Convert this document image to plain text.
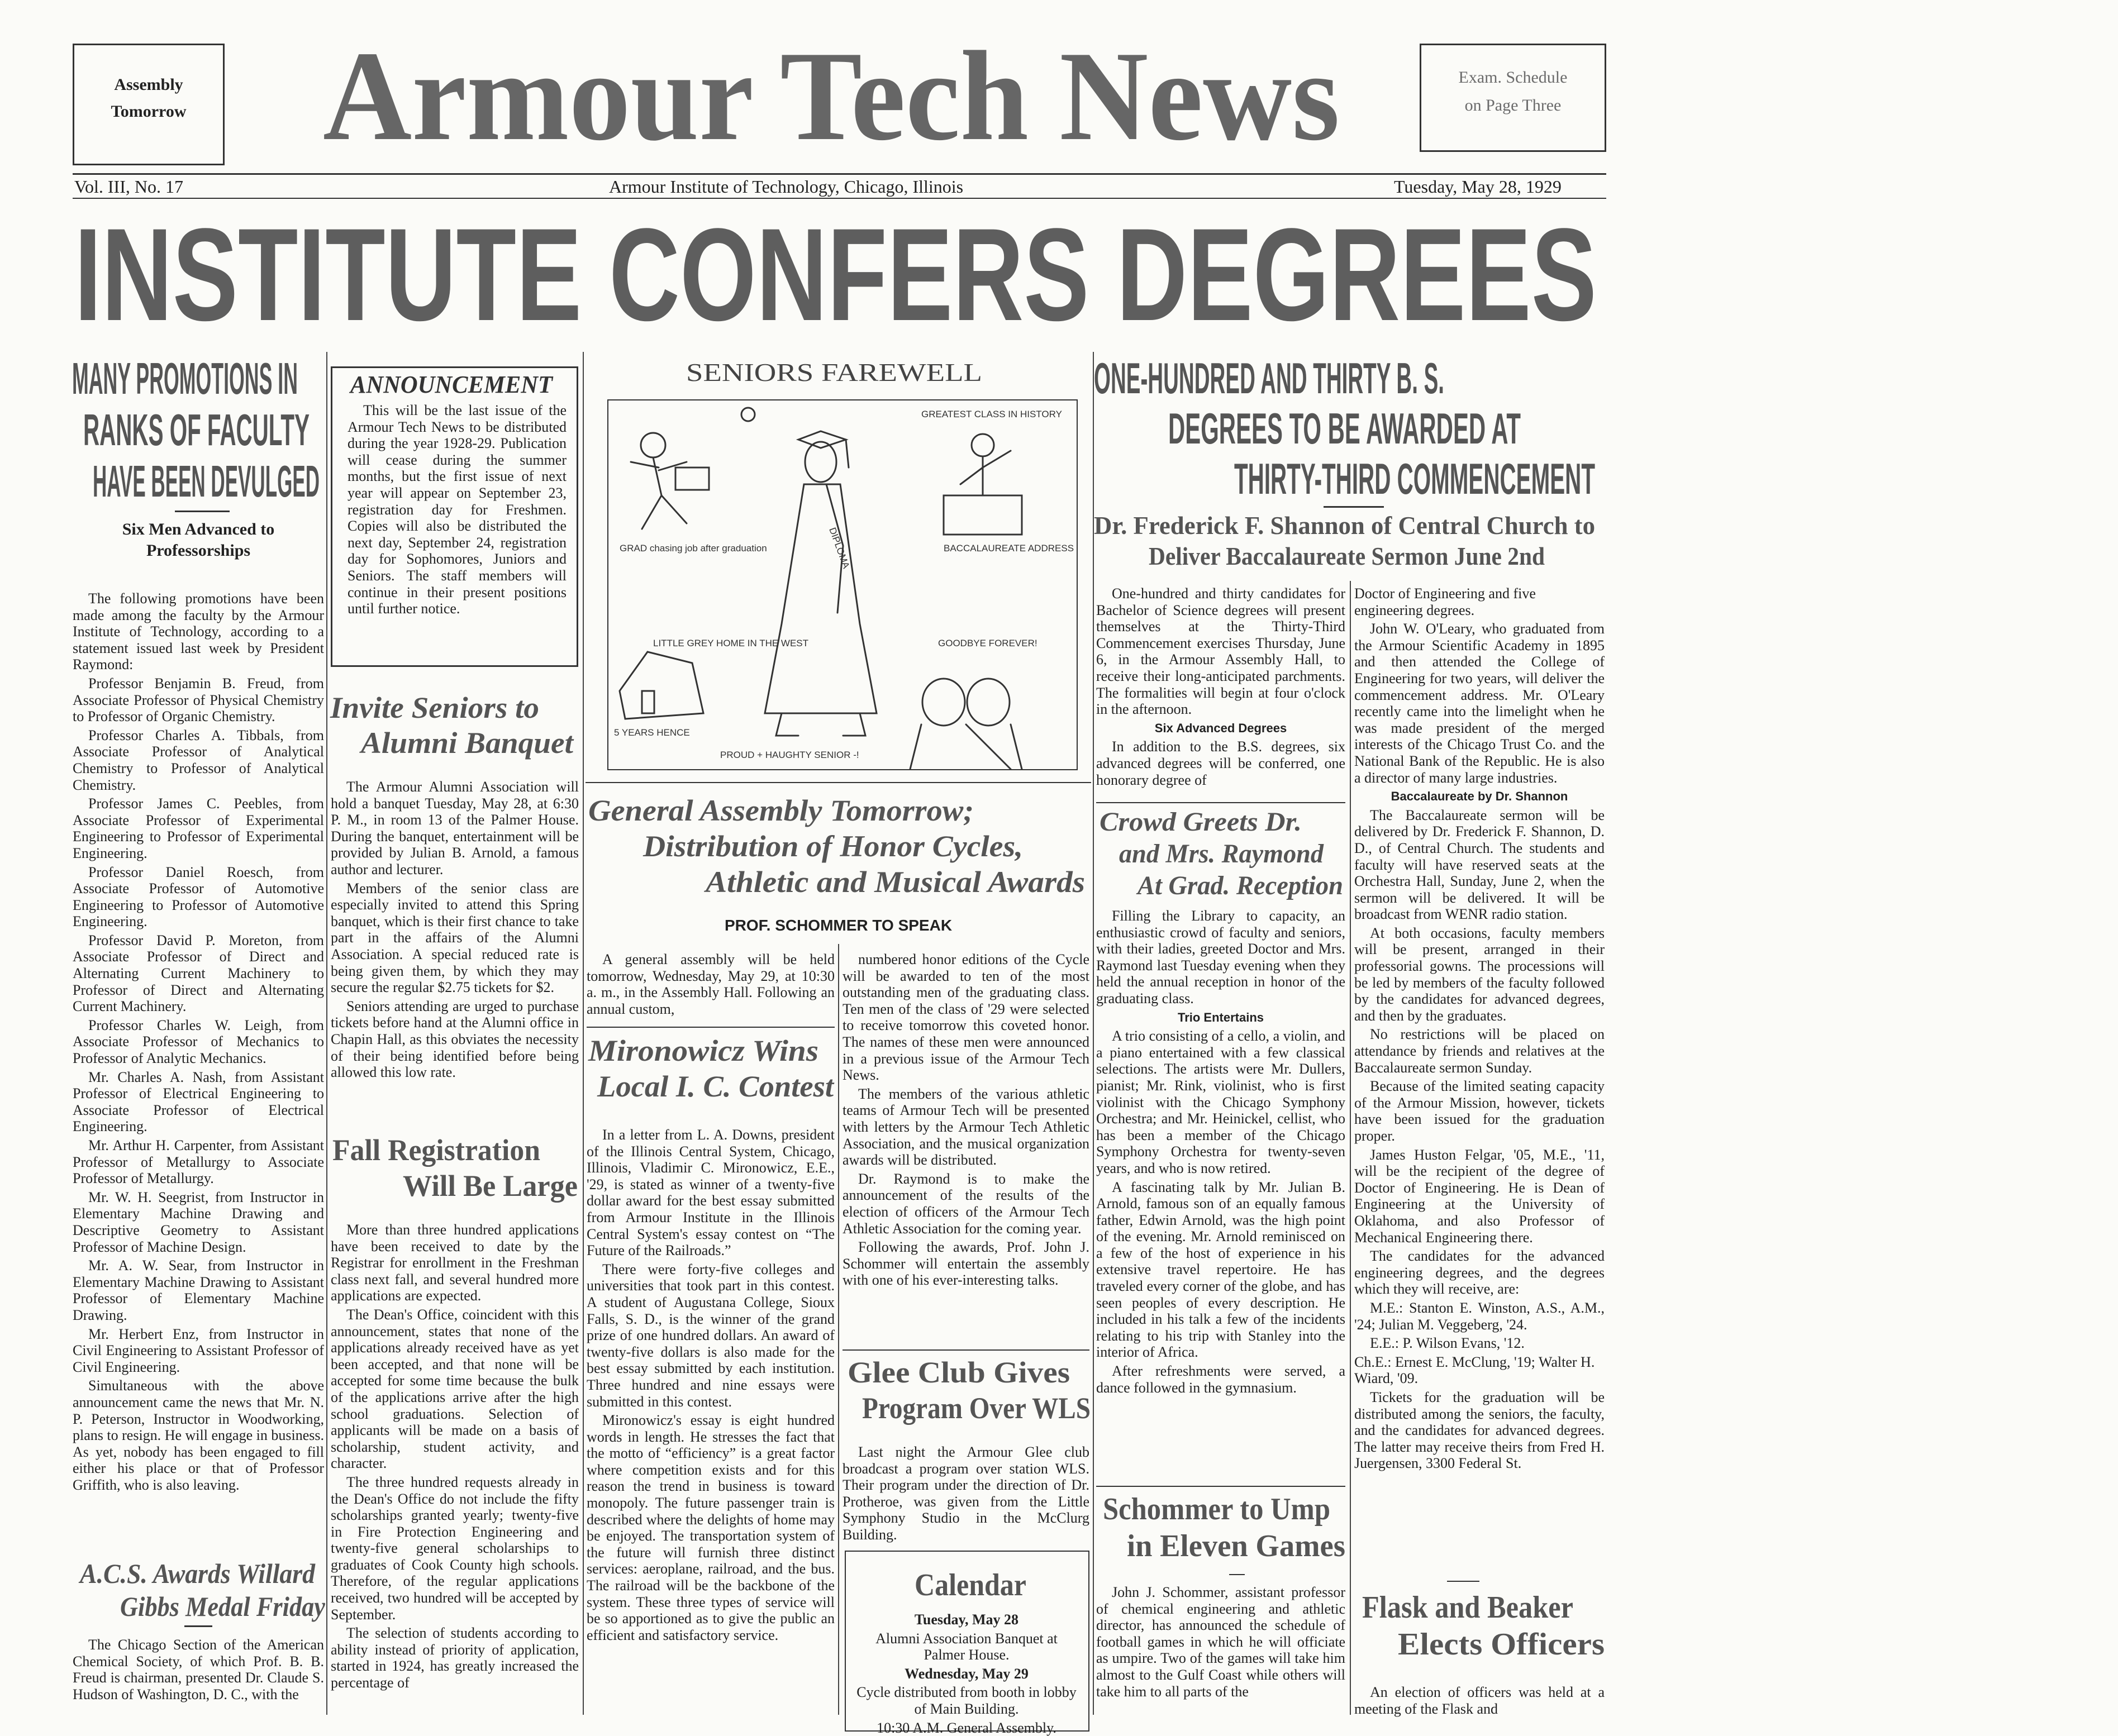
Assembly
Tomorrow Armour Tech News	Exam. Schedule
on Page Three
Vol. III, No. 17	Armour Institute of Technology, Chicago, Illinois	Tuesday, May 28, 1929
INSTITUTE CONFERS DEGREES
MANY PROMOTIONS IN
RANKS OF FACULTY
HAVE BEEN DEVULGED
Six Men Advanced to
Professorships

The following promotions have been made among the faculty by the Armour Institute of Technology, according to a statement issued last week by President Raymond:

Professor Benjamin B. Freud, from Associate Professor of Physical Chemistry to Professor of Organic Chemistry.

Professor Charles A. Tibbals, from Associate Professor of Analytical Chemistry to Professor of Analytical Chemistry.

Professor James C. Peebles, from Associate Professor of Experimental Engineering to Professor of Experimental Engineering.

Professor Daniel Roesch, from Associate Professor of Automotive Engineering to Professor of Automotive Engineering.

Professor David P. Moreton, from Associate Professor of Direct and Alternating Current Machinery to Professor of Direct and Alternating Current Machinery.

Professor Charles W. Leigh, from Associate Professor of Mechanics to Professor of Analytic Mechanics.

Mr. Charles A. Nash, from Assistant Professor of Electrical Engineering to Associate Professor of Electrical Engineering.

Mr. Arthur H. Carpenter, from Assistant Professor of Metallurgy to Associate Professor of Metallurgy.

Mr. W. H. Seegrist, from Instructor in Elementary Machine Drawing and Descriptive Geometry to Assistant Professor of Machine Design.

Mr. A. W. Sear, from Instructor in Elementary Machine Drawing to Assistant Professor of Elementary Machine Drawing.

Mr. Herbert Enz, from Instructor in Civil Engineering to Assistant Professor of Civil Engineering.

Simultaneous with the above announcement came the news that Mr. N. P. Peterson, Instructor in Woodworking, plans to resign. He will engage in business. As yet, nobody has been engaged to fill either his place or that of Professor Griffith, who is also leaving.

A.C.S. Awards Willard
Gibbs Medal Friday

The Chicago Section of the American Chemical Society, of which Prof. B. B. Freud is chairman, presented Dr. Claude S. Hudson of Washington, D. C., with the

ANNOUNCEMENT

This will be the last issue of the Armour Tech News to be distributed during the year 1928-29. Publication will cease during the summer months, but the first issue of next year will appear on September 23, registration day for Freshmen. Copies will also be distributed the next day, September 24, registration day for Sophomores, Juniors and Seniors. The staff members will continue in their present positions until further notice.

Invite Seniors to
Alumni Banquet

The Armour Alumni Association will hold a banquet Tuesday, May 28, at 6:30 P. M., in room 13 of the Palmer House. During the banquet, entertainment will be provided by Julian B. Arnold, a famous author and lecturer.

Members of the senior class are especially invited to attend this Spring banquet, which is their first chance to take part in the affairs of the Alumni Association. A special reduced rate is being given them, by which they may secure the regular $2.75 tickets for $2.

Seniors attending are urged to purchase tickets before hand at the Alumni office in Chapin Hall, as this obviates the necessity of their being identified before being allowed this low rate.

Fall Registration
Will Be Large

More than three hundred applications have been received to date by the Registrar for enrollment in the Freshman class next fall, and several hundred more applications are expected.

The Dean's Office, coincident with this announcement, states that none of the applications already received have as yet been accepted, and that none will be accepted for some time because the bulk of the applications arrive after the high school graduations. Selection of applicants will be made on a basis of scholarship, student activity, and character.

The three hundred requests already in the Dean's Office do not include the fifty scholarships granted yearly; twenty-five in Fire Protection Engineering and twenty-five general scholarships to graduates of Cook County high schools. Therefore, of the regular applications received, two hundred will be accepted by September.

The selection of students according to ability instead of priority of application, started in 1924, has greatly increased the percentage of

SENIORS FAREWELL
GREATEST CLASS IN HISTORY
GRAD chasing job after graduation	BACCALAUREATE ADDRESS
LITTLE GREY HOME IN THE WEST
5 YEARS HENCE
GOODBYE FOREVER!
PROUD + HAUGHTY SENIOR -!
DIPLOMA
General Assembly Tomorrow;
Distribution of Honor Cycles,
Athletic and Musical Awards
PROF. SCHOMMER TO SPEAK

A general assembly will be held tomorrow, Wednesday, May 29, at 10:30 a. m., in the Assembly Hall. Following an annual custom,

Mironowicz Wins
Local I. C. Contest

In a letter from L. A. Downs, president of the Illinois Central System, Chicago, Illinois, Vladimir C. Mironowicz, E.E., '29, is stated as winner of a twenty-five dollar award for the best essay submitted from Armour Institute in the Illinois Central System's essay contest on “The Future of the Railroads.”

There were forty-five colleges and universities that took part in this contest. A student of Augustana College, Sioux Falls, S. D., is the winner of the grand prize of one hundred dollars. An award of twenty-five dollars is also made for the best essay submitted by each institution. Three hundred and nine essays were submitted in this contest.

Mironowicz's essay is eight hundred words in length. He stresses the fact that the motto of “efficiency” is a great factor where competition exists and for this reason the trend in business is toward monopoly. The future passenger train is described where the delights of home may be enjoyed. The transportation system of the future will furnish three distinct services: aeroplane, railroad, and the bus. The railroad will be the backbone of the system. These three types of service will be so apportioned as to give the public an efficient and satisfactory service.

numbered honor editions of the Cycle will be awarded to ten of the most outstanding men of the graduating class. Ten men of the class of '29 were selected to receive tomorrow this coveted honor. The names of these men were announced in a previous issue of the Armour Tech News.

The members of the various athletic teams of Armour Tech will be presented with letters by the Armour Tech Athletic Association, and the musical organization awards will be distributed.

Dr. Raymond is to make the announcement of the results of the election of officers of the Armour Tech Athletic Association for the coming year.

Following the awards, Prof. John J. Schommer will entertain the assembly with one of his ever-interesting talks.

Glee Club Gives
Program Over WLS

Last night the Armour Glee club broadcast a program over station WLS. Their program under the direction of Dr. Protheroe, was given from the Little Symphony Studio in the McClurg Building.

Calendar

Tuesday, May 28

Alumni Association Banquet at Palmer House.

Wednesday, May 29

Cycle distributed from booth in lobby of Main Building.

10:30 A.M. General Assembly.

ONE-HUNDRED AND THIRTY B. S.
DEGREES TO BE AWARDED AT
THIRTY-THIRD COMMENCEMENT
Dr. Frederick F. Shannon of Central Church to
Deliver Baccalaureate Sermon June 2nd

One-hundred and thirty candidates for Bachelor of Science degrees will present themselves at the Thirty-Third Commencement exercises Thursday, June 6, in the Armour Assembly Hall, to receive their long-anticipated parchments. The formalities will begin at four o'clock in the afternoon.

Six Advanced Degrees

In addition to the B.S. degrees, six advanced degrees will be conferred, one honorary degree of

Crowd Greets Dr.
and Mrs. Raymond
At Grad. Reception

Filling the Library to capacity, an enthusiastic crowd of faculty and seniors, with their ladies, greeted Doctor and Mrs. Raymond last Tuesday evening when they held the annual reception in honor of the graduating class.

Trio Entertains

A trio consisting of a cello, a violin, and a piano entertained with a few classical selections. The artists were Mr. Dullers, pianist; Mr. Rink, violinist, who is first violinist with the Chicago Symphony Orchestra; and Mr. Heinickel, cellist, who has been a member of the Chicago Symphony Orchestra for twenty-seven years, and who is now retired.

A fascinating talk by Mr. Julian B. Arnold, famous son of an equally famous father, Edwin Arnold, was the high point of the evening. Mr. Arnold reminisced on a few of the host of experience in his extensive travel repertoire. He has traveled every corner of the globe, and has seen peoples of every description. He included in his talk a few of the incidents relating to his trip with Stanley into the interior of Africa.

After refreshments were served, a dance followed in the gymnasium.

Schommer to Ump
in Eleven Games

John J. Schommer, assistant professor of chemical engineering and athletic director, has announced the schedule of football games in which he will officiate as umpire. Two of the games will take him almost to the Gulf Coast while others will take him to all parts of the

Doctor of Engineering and five engineering degrees.

John W. O'Leary, who graduated from the Armour Scientific Academy in 1895 and then attended the College of Engineering for two years, will deliver the commencement address. Mr. O'Leary recently came into the limelight when he was made president of the merged interests of the Chicago Trust Co. and the National Bank of the Republic. He is also a director of many large industries.

Baccalaureate by Dr. Shannon

The Baccalaureate sermon will be delivered by Dr. Frederick F. Shannon, D. D., of Central Church. The students and faculty will have reserved seats at the Orchestra Hall, Sunday, June 2, when the sermon will be delivered. It will be broadcast from WENR radio station.

At both occasions, faculty members will be present, arranged in their professorial gowns. The processions will be led by members of the faculty followed by the candidates for advanced degrees, and then by the graduates.

No restrictions will be placed on attendance by friends and relatives at the Baccalaureate sermon Sunday.

Because of the limited seating capacity of the Armour Mission, however, tickets have been issued for the graduation proper.

James Huston Felgar, '05, M.E., '11, will be the recipient of the degree of Doctor of Engineering. He is Dean of Engineering at the University of Oklahoma, and also Professor of Mechanical Engineering there.

The candidates for the advanced engineering degrees, and the degrees which they will receive, are:

M.E.: Stanton E. Winston, A.S., A.M., '24; Julian M. Veggeberg, '24.

E.E.: P. Wilson Evans, '12.

Ch.E.: Ernest E. McClung, '19; Walter H. Wiard, '09.

Tickets for the graduation will be distributed among the seniors, the faculty, and the candidates for advanced degrees. The latter may receive theirs from Fred H. Juergensen, 3300 Federal St.

Flask and Beaker
Elects Officers

An election of officers was held at a meeting of the Flask and
